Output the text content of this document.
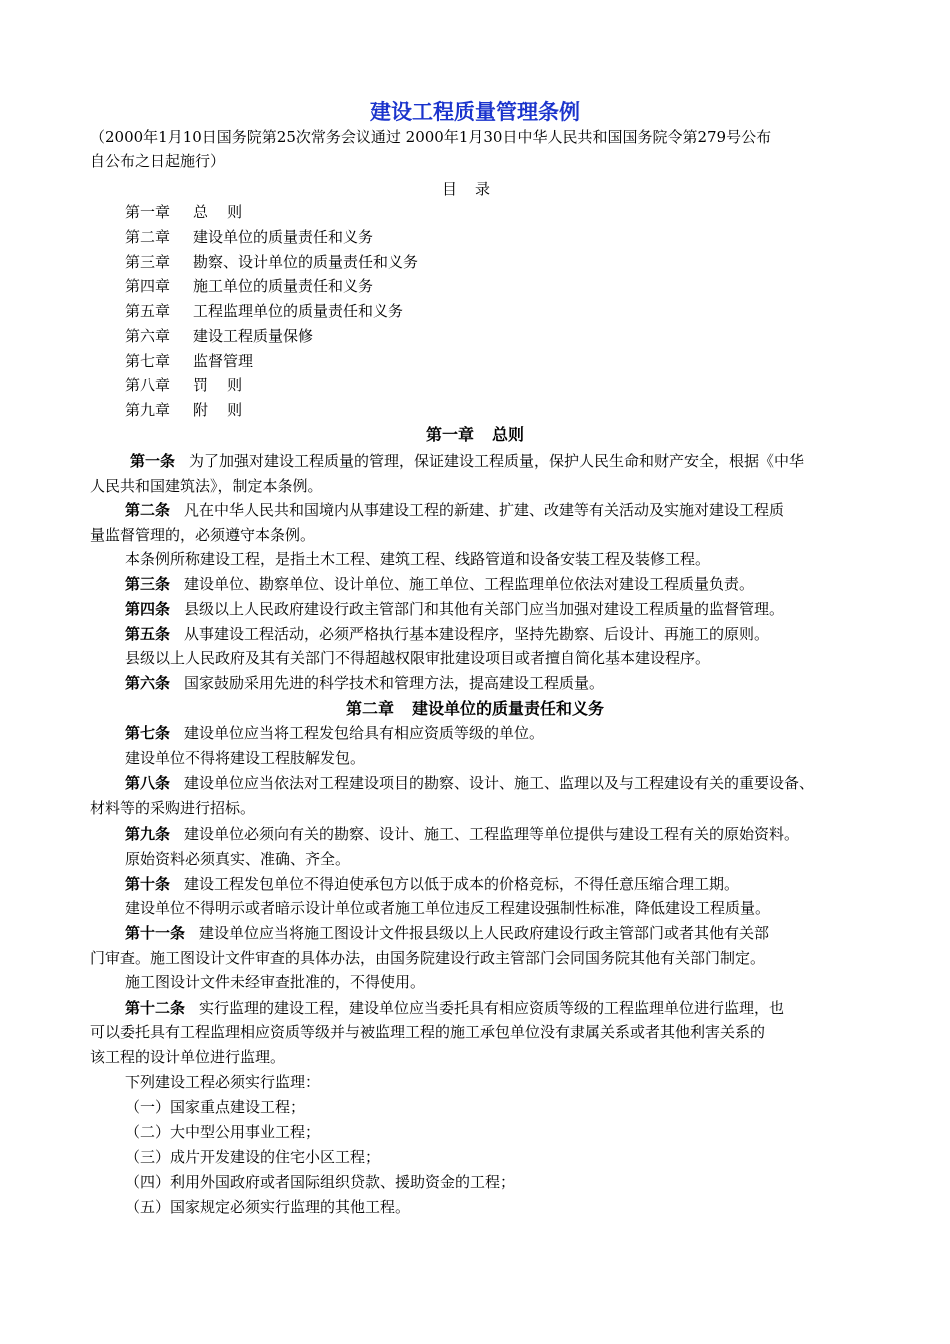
建设工程质量管理条例
（2000年1月10日国务院第25次常务会议通过 2000年1月30日中华人民共和国国务院令第279号公布
自公布之日起施行）
目录
第一章 总    则
第二章 建设单位的质量责任和义务
第三章 勘察、设计单位的质量责任和义务
第四章 施工单位的质量责任和义务
第五章 工程监理单位的质量责任和义务
第六章 建设工程质量保修
第七章 监督管理
第八章 罚    则
第九章 附    则
第一章 总则
第一条 为了加强对建设工程质量的管理，保证建设工程质量，保护人民生命和财产安全，根据《中华
人民共和国建筑法》，制定本条例。
第二条 凡在中华人民共和国境内从事建设工程的新建、扩建、改建等有关活动及实施对建设工程质
量监督管理的，必须遵守本条例。
本条例所称建设工程，是指土木工程、建筑工程、线路管道和设备安装工程及装修工程。
第三条 建设单位、勘察单位、设计单位、施工单位、工程监理单位依法对建设工程质量负责。
第四条 县级以上人民政府建设行政主管部门和其他有关部门应当加强对建设工程质量的监督管理。
第五条 从事建设工程活动，必须严格执行基本建设程序，坚持先勘察、后设计、再施工的原则。
县级以上人民政府及其有关部门不得超越权限审批建设项目或者擅自简化基本建设程序。
第六条 国家鼓励采用先进的科学技术和管理方法，提高建设工程质量。
第二章 建设单位的质量责任和义务
第七条 建设单位应当将工程发包给具有相应资质等级的单位。
建设单位不得将建设工程肢解发包。
第八条 建设单位应当依法对工程建设项目的勘察、设计、施工、监理以及与工程建设有关的重要设备、
材料等的采购进行招标。
第九条 建设单位必须向有关的勘察、设计、施工、工程监理等单位提供与建设工程有关的原始资料。
原始资料必须真实、准确、齐全。
第十条 建设工程发包单位不得迫使承包方以低于成本的价格竞标，不得任意压缩合理工期。
建设单位不得明示或者暗示设计单位或者施工单位违反工程建设强制性标准，降低建设工程质量。
第十一条 建设单位应当将施工图设计文件报县级以上人民政府建设行政主管部门或者其他有关部
门审查。施工图设计文件审查的具体办法，由国务院建设行政主管部门会同国务院其他有关部门制定。
施工图设计文件未经审查批准的，不得使用。
第十二条 实行监理的建设工程，建设单位应当委托具有相应资质等级的工程监理单位进行监理，也
可以委托具有工程监理相应资质等级并与被监理工程的施工承包单位没有隶属关系或者其他利害关系的
该工程的设计单位进行监理。
下列建设工程必须实行监理：
（一）国家重点建设工程；
（二）大中型公用事业工程；
（三）成片开发建设的住宅小区工程；
（四）利用外国政府或者国际组织贷款、援助资金的工程；
（五）国家规定必须实行监理的其他工程。
